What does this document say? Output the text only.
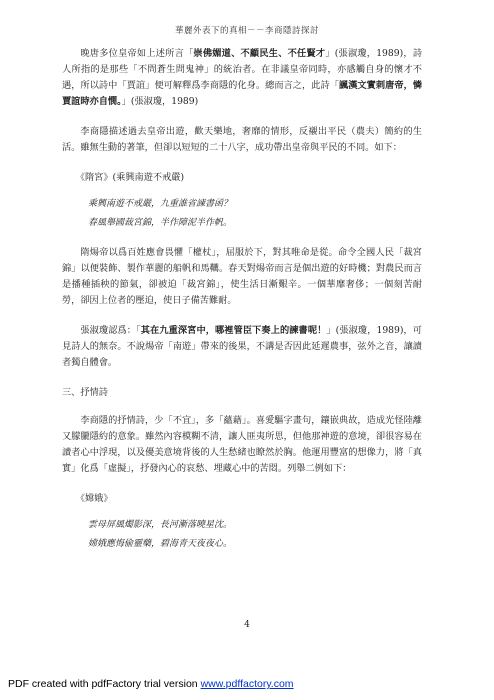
華麗外表下的真相－－李商隱詩探討

晚唐多位皇帝如上述所言「崇佛媚道、不顧民生、不任賢才」(張淑瓊，1989)，詩人所指的是那些「不問蒼生問鬼神」的統治者。在非議皇帝同時，亦感觸自身的懷才不遇，所以詩中「賈誼」便可解釋爲李商隱的化身。總而言之，此詩「諷漢文實刺唐帝，憐賈誼時亦自憫。」(張淑瓊，1989)

李商隱描述過去皇帝出遊，歡天樂地，奢靡的情形，反襯出平民（農夫）簡約的生活。雖無生動的著筆，但卻以短短的二十八字，成功帶出皇帝與平民的不同。如下：

《隋宮》(乘興南遊不戒嚴)
乘興南遊不戒嚴，九重誰省諫書函？
春風舉國裁宮錦，半作障泥半作帆。

隋煬帝以爲百姓應會畏懼「權杖」，屈服於下，對其唯命是從。命令全國人民「裁宮錦」以便裝飾、製作華麗的船帆和馬韉。春天對煬帝而言是個出遊的好時機；對農民而言是播種插秧的節氣，卻被迫「裁宮錦」，使生活日漸艱辛。一個華靡奢侈；一個刻苦耐勞，卻因上位者的壓迫，使日子備苦難耐。

張淑瓊認爲：「其在九重深宮中，哪裡管臣下奏上的諫書呢！」(張淑瓊，1989)，可見詩人的無奈。不說煬帝「南遊」帶來的後果，不講是否因此延遲農事，弦外之音，讓讀者獨自體會。

三、抒情詩

李商隱的抒情詩，少「不宜」，多「蘊藉」。喜愛驅字畫句，鑲嵌典故，造成光怪陸離又朦朧隱約的意象。雖然內容模糊不清，讓人匪夷所思，但他那神遊的意境，卻很容易在讀者心中浮現，以及優美意境背後的人生愁緒也瞭然於胸。他運用豐富的想像力，將「真實」化爲「虛擬」，抒發內心的哀愁、埋藏心中的苦悶。列舉二例如下：

《嫦娥》
雲母屏風燭影深，長河漸落曉星沈。
嫦娥應悔偷靈藥，碧海青天夜夜心。
4
PDF created with pdfFactory trial version www.pdffactory.com
